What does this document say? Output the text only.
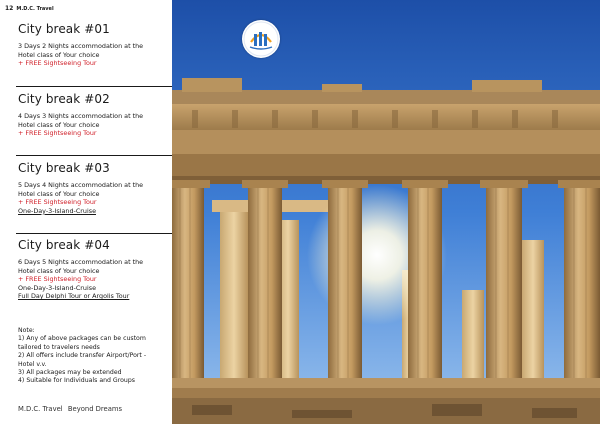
12 M.D.C. Travel
City break #01

3 Days 2 Nights accommodation at the

Hotel class of Your choice

+ FREE Sightseeing Tour

City break #02

4 Days 3 Nights accommodation at the

Hotel class of Your choice

+ FREE Sightseeing Tour

City break #03

5 Days 4 Nights accommodation at the

Hotel class of Your choice

+ FREE Sightseeing Tour

One-Day-3-Island-Cruise

City break #04

6 Days 5 Nights accommodation at the

Hotel class of Your choice

+ FREE Sightseeing Tour

One-Day-3-Island-Cruise

Full Day Delphi Tour or Argolis Tour

Note:

1) Any of above packages can be custom

tailored to travelers needs

2) All offers include transfer Airport/Port -

Hotel v.v.

3) All packages may be extended

4) Suitable for Individuals and Groups

M.D.C. Travel Beyond Dreams
